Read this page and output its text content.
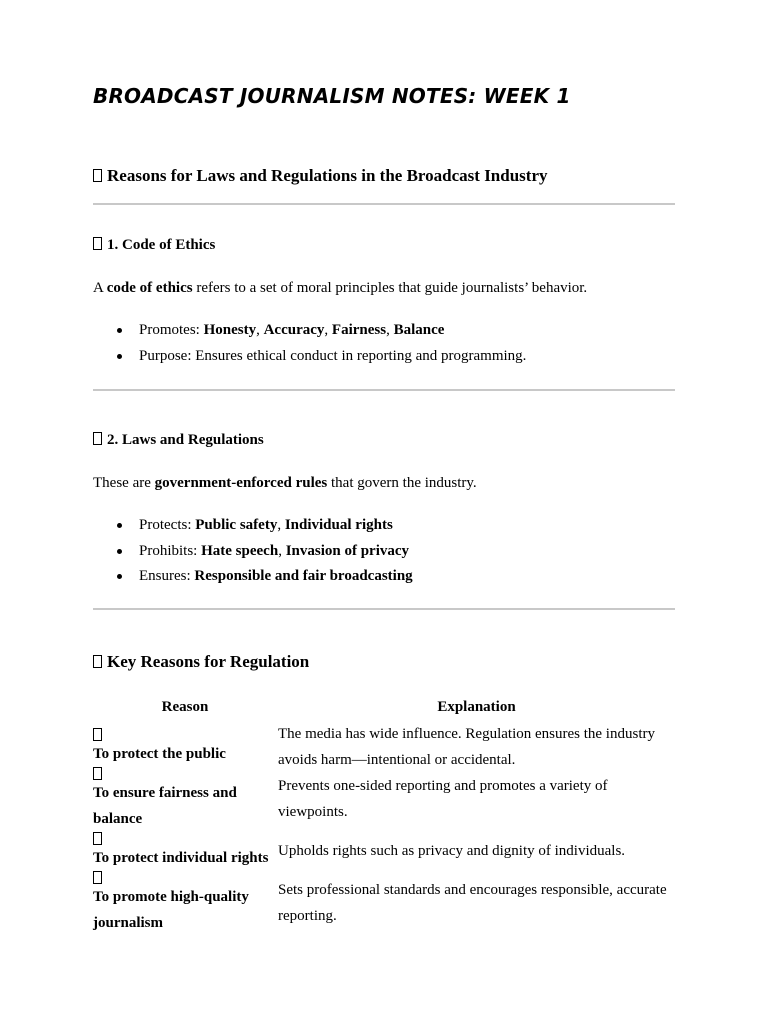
BROADCAST JOURNALISM NOTES: WEEK 1
Reasons for Laws and Regulations in the Broadcast Industry
1. Code of Ethics

A code of ethics refers to a set of moral principles that guide journalists’ behavior.

Promotes: Honesty, Accuracy, Fairness, Balance
Purpose: Ensures ethical conduct in reporting and programming.
2. Laws and Regulations

These are government-enforced rules that govern the industry.

Protects: Public safety, Individual rights
Prohibits: Hate speech, Invasion of privacy
Ensures: Responsible and fair broadcasting
Key Reasons for Regulation
Reason	Explanation
To protect the public
The media has wide influence. Regulation ensures the industry avoids harm—intentional or accidental.
To ensure fairness and balance
Prevents one-sided reporting and promotes a variety of viewpoints.
To protect individual rights Upholds rights such as privacy and dignity of individuals.
To promote high-quality journalism
Sets professional standards and encourages responsible, accurate reporting.
